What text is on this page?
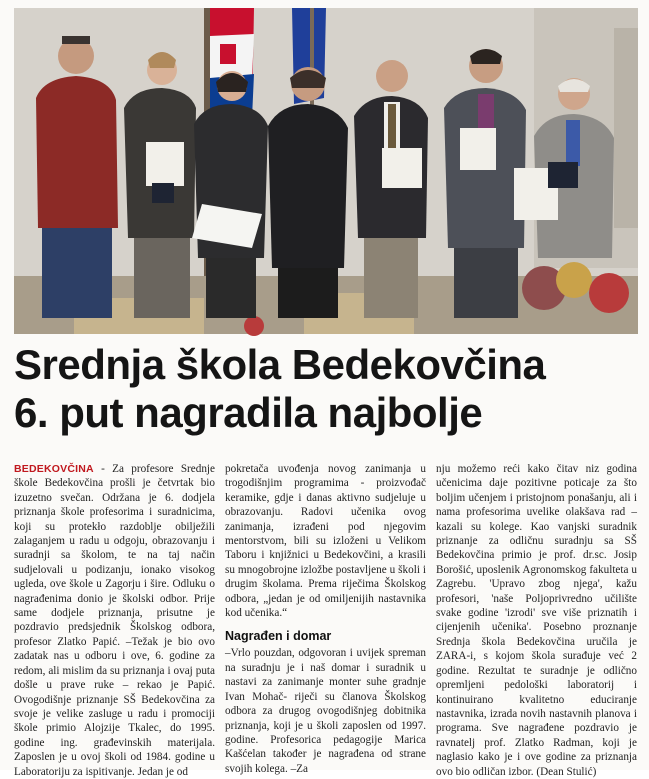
Srednja škola Bedekovčina
6. put nagradila najbolje

BEDEKOVČINA - Za profesore Srednje škole Bedekovčina prošli je četvrtak bio izuzetno svečan. Održana je 6. dodjela priznanja škole profesorima i suradnicima, koji su protekło razdoblje obilježili zalaganjem u radu u odgoju, obrazovanju i suradnji sa školom, te na taj način sudjelovali u podizanju, ionako visokog ugleda, ove škole u Zagorju i šire. Odluku o nagrađenima donio je školski odbor. Prije same dodjele priznanja, prisutne je pozdravio predsjednik Školskog odbora, profesor Zlatko Papić. –Težak je bio ovo zadatak nas u odboru i ove, 6. godine za redom, ali mislim da su priznanja i ovaj puta došle u prave ruke – rekao je Papić. Ovogodišnje priznanje SŠ Bedekovčina za svoje je velike zasluge u radu i promociji škole primio Alojzije Tkalec, do 1995. godine ing. građevinskih materijala. Zaposlen je u ovoj školi od 1984. godine u Laboratoriju za ispitivanje. Jedan je od

pokretača uvođenja novog zanimanja u trogodišnjim programima - proizvođač keramike, gdje i danas aktivno sudjeluje u obrazovanju. Radovi učenika ovog zanimanja, izrađeni pod njegovim mentorstvom, bili su izloženi u Velikom Taboru i knjižnici u Bedekovčini, a krasili su mnogobrojne izložbe postavljene u školi i drugim školama. Prema riječima Školskog odbora, „jedan je od omiljenijih nastavnika kod učenika.“

Nagrađen i domar

–Vrlo pouzdan, odgovoran i uvijek spreman na suradnju je i naš domar i suradnik u nastavi za zanimanje monter suhe gradnje Ivan Mohač- riječi su članova Školskog odbora za drugog ovogodišnjeg dobitnika priznanja, koji je u školi zaposlen od 1997. godine. Profesorica pedagogije Marica Kašćelan također je nagrađena od strane svojih kolega. –Za

nju možemo reći kako čitav niz godina učenicima daje pozitivne poticaje za što boljim učenjem i pristojnom ponašanju, ali i nama profesorima uvelike olakšava rad – kazali su kolege. Kao vanjski suradnik priznanje za odličnu suradnju sa SŠ Bedekovčina primio je prof. dr.sc. Josip Borošić, uposlenik Agronomskog fakulteta u Zagrebu. 'Upravo zbog njega', kažu profesori, 'naše Poljoprivredno učilište svake godine 'izrodi' sve više priznatih i cijenjenih učenika'. Posebno proznanje Srednja škola Bedekovčina uručila je ZARA-i, s kojom škola surađuje već 2 godine. Rezultat te suradnje je odlično opremljeni pedološki laboratorij i kontinuirano kvalitetno educiranje nastavnika, izrada novih nastavnih planova i programa. Sve nagrađene pozdravio je ravnatelj prof. Zlatko Radman, koji je naglasio kako je i ove godine za priznanja ovo bio odličan izbor. (Dean Stulić)
